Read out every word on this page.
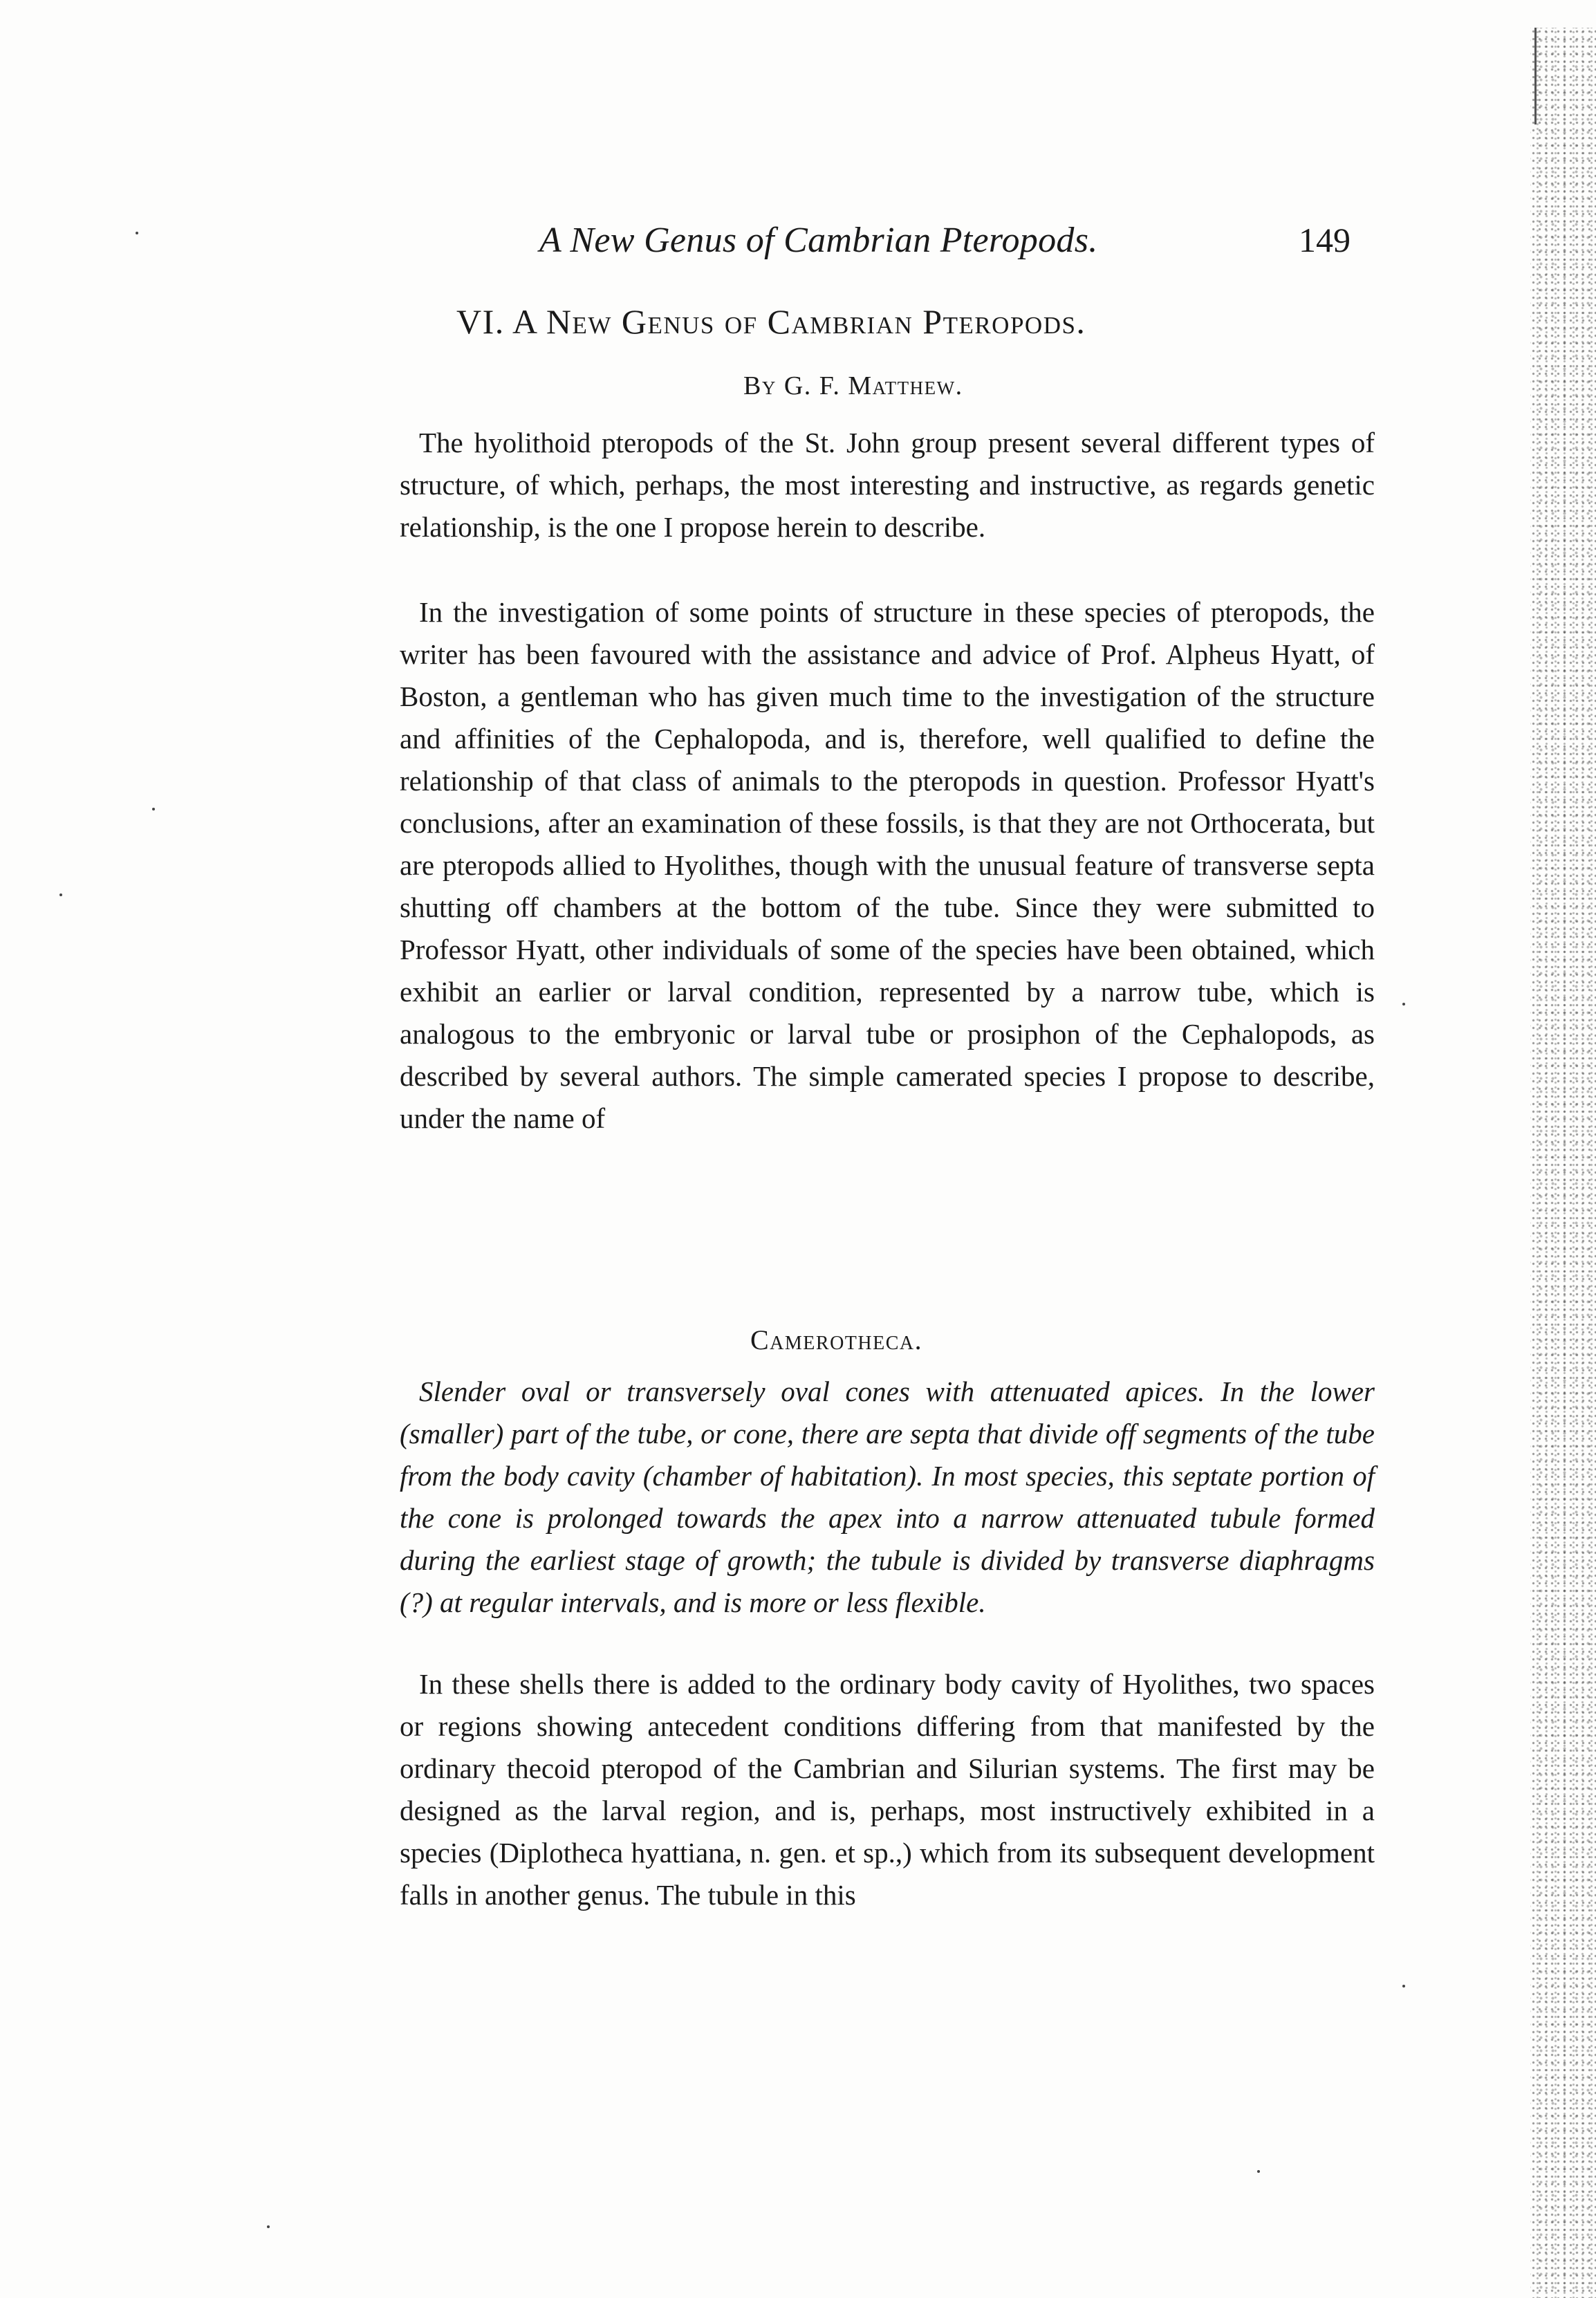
A New Genus of Cambrian Pteropods.	149
VI. A New Genus of Cambrian Pteropods.
By G. F. Matthew.

The hyolithoid pteropods of the St. John group present several different types of structure, of which, perhaps, the most interesting and instructive, as regards genetic relationship, is the one I propose herein to describe.

In the investigation of some points of structure in these species of pteropods, the writer has been favoured with the assistance and advice of Prof. Alpheus Hyatt, of Boston, a gentleman who has given much time to the investigation of the structure and affinities of the Cephalopoda, and is, therefore, well qualified to define the relationship of that class of animals to the pteropods in question. Professor Hyatt's conclusions, after an examination of these fossils, is that they are not Orthocerata, but are pteropods allied to Hyolithes, though with the unusual feature of transverse septa shutting off chambers at the bottom of the tube. Since they were submitted to Professor Hyatt, other individuals of some of the species have been obtained, which exhibit an earlier or larval condition, represented by a narrow tube, which is analogous to the embryonic or larval tube or prosiphon of the Cephalopods, as described by several authors. The simple camerated species I propose to describe, under the name of

Camerotheca.

Slender oval or transversely oval cones with attenuated apices. In the lower (smaller) part of the tube, or cone, there are septa that divide off segments of the tube from the body cavity (chamber of habitation). In most species, this septate portion of the cone is prolonged towards the apex into a narrow attenuated tubule formed during the earliest stage of growth; the tubule is divided by transverse diaphragms (?) at regular intervals, and is more or less flexible.

In these shells there is added to the ordinary body cavity of Hyolithes, two spaces or regions showing antecedent conditions differing from that manifested by the ordinary thecoid pteropod of the Cambrian and Silurian systems. The first may be designed as the larval region, and is, perhaps, most instructively exhibited in a species (Diplotheca hyattiana, n. gen. et sp.,) which from its subsequent development falls in another genus. The tubule in this
